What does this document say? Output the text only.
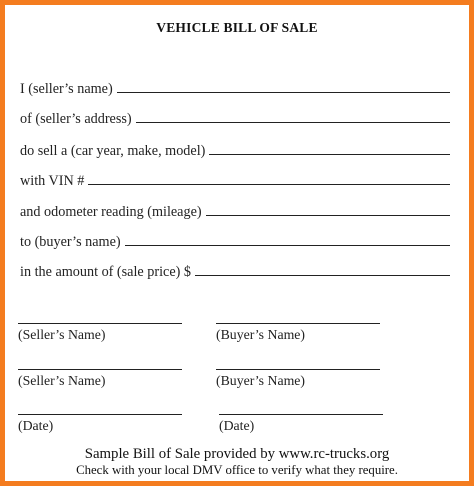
VEHICLE BILL OF SALE
I (seller’s name)
of (seller’s address)
do sell a (car year, make, model)
with VIN #
and odometer reading (mileage)
to (buyer’s name)
in the amount of (sale price) $
(Seller’s Name)
(Seller’s Name)
(Date)
(Buyer’s Name)
(Buyer’s Name)
(Date)
Sample Bill of Sale provided by www.rc-trucks.org
Check with your local DMV office to verify what they require.
